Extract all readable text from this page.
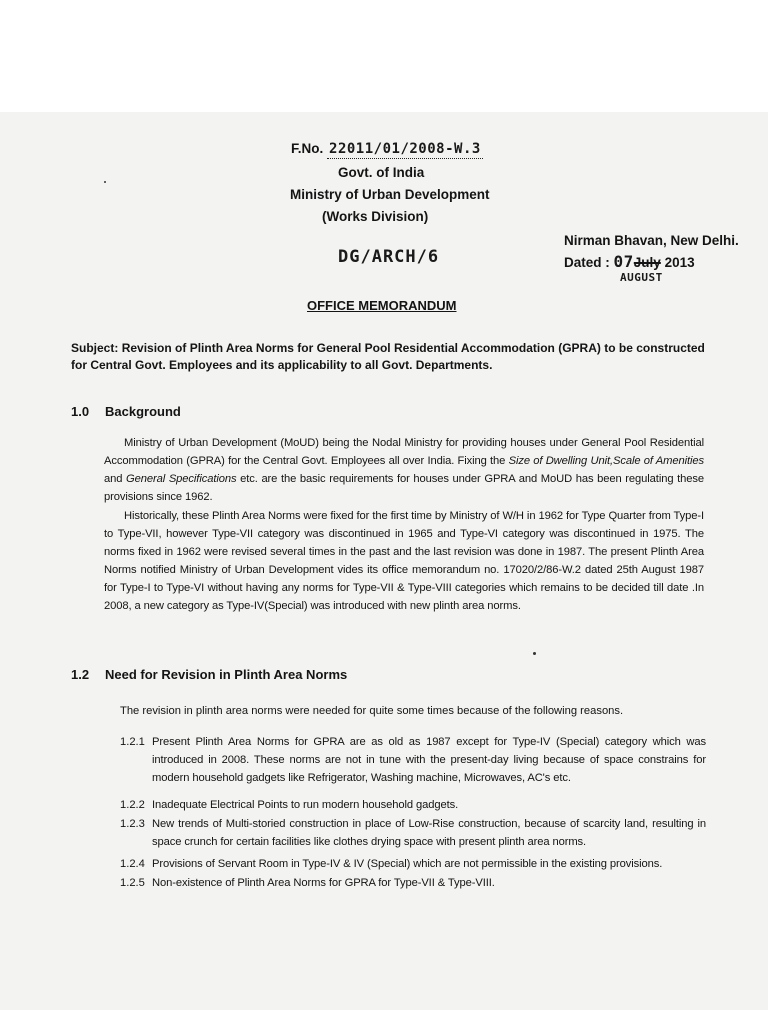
F.No. 22011/01/2008-W.3
Govt. of India
Ministry of Urban Development
(Works Division)
DG/ARCH/6
Nirman Bhavan, New Delhi.
Dated : 07July 2013
AUGUST
OFFICE MEMORANDUM
Subject: Revision of Plinth Area Norms for General Pool Residential Accommodation (GPRA) to be constructed for Central Govt. Employees and its applicability to all Govt. Departments.
1.0 Background
Ministry of Urban Development (MoUD) being the Nodal Ministry for providing houses under General Pool Residential Accommodation (GPRA) for the Central Govt. Employees all over India. Fixing the Size of Dwelling Unit,Scale of Amenities and General Specifications etc. are the basic requirements for houses under GPRA and MoUD has been regulating these provisions since 1962.
Historically, these Plinth Area Norms were fixed for the first time by Ministry of W/H in 1962 for Type Quarter from Type-I to Type-VII, however Type-VII category was discontinued in 1965 and Type-VI category was discontinued in 1975. The norms fixed in 1962 were revised several times in the past and the last revision was done in 1987. The present Plinth Area Norms notified Ministry of Urban Development vides its office memorandum no. 17020/2/86-W.2 dated 25th August 1987 for Type-I to Type-VI without having any norms for Type-VII & Type-VIII categories which remains to be decided till date .In 2008, a new category as Type-IV(Special) was introduced with new plinth area norms.
1.2 Need for Revision in Plinth Area Norms
The revision in plinth area norms were needed for quite some times because of the following reasons.
1.2.1 Present Plinth Area Norms for GPRA are as old as 1987 except for Type-IV (Special) category which was introduced in 2008. These norms are not in tune with the present-day living because of space constrains for modern household gadgets like Refrigerator, Washing machine, Microwaves, AC's etc.
1.2.2 Inadequate Electrical Points to run modern household gadgets.
1.2.3 New trends of Multi-storied construction in place of Low-Rise construction, because of scarcity land, resulting in space crunch for certain facilities like clothes drying space with present plinth area norms.
1.2.4 Provisions of Servant Room in Type-IV & IV (Special) which are not permissible in the existing provisions.
1.2.5 Non-existence of Plinth Area Norms for GPRA for Type-VII & Type-VIII.
